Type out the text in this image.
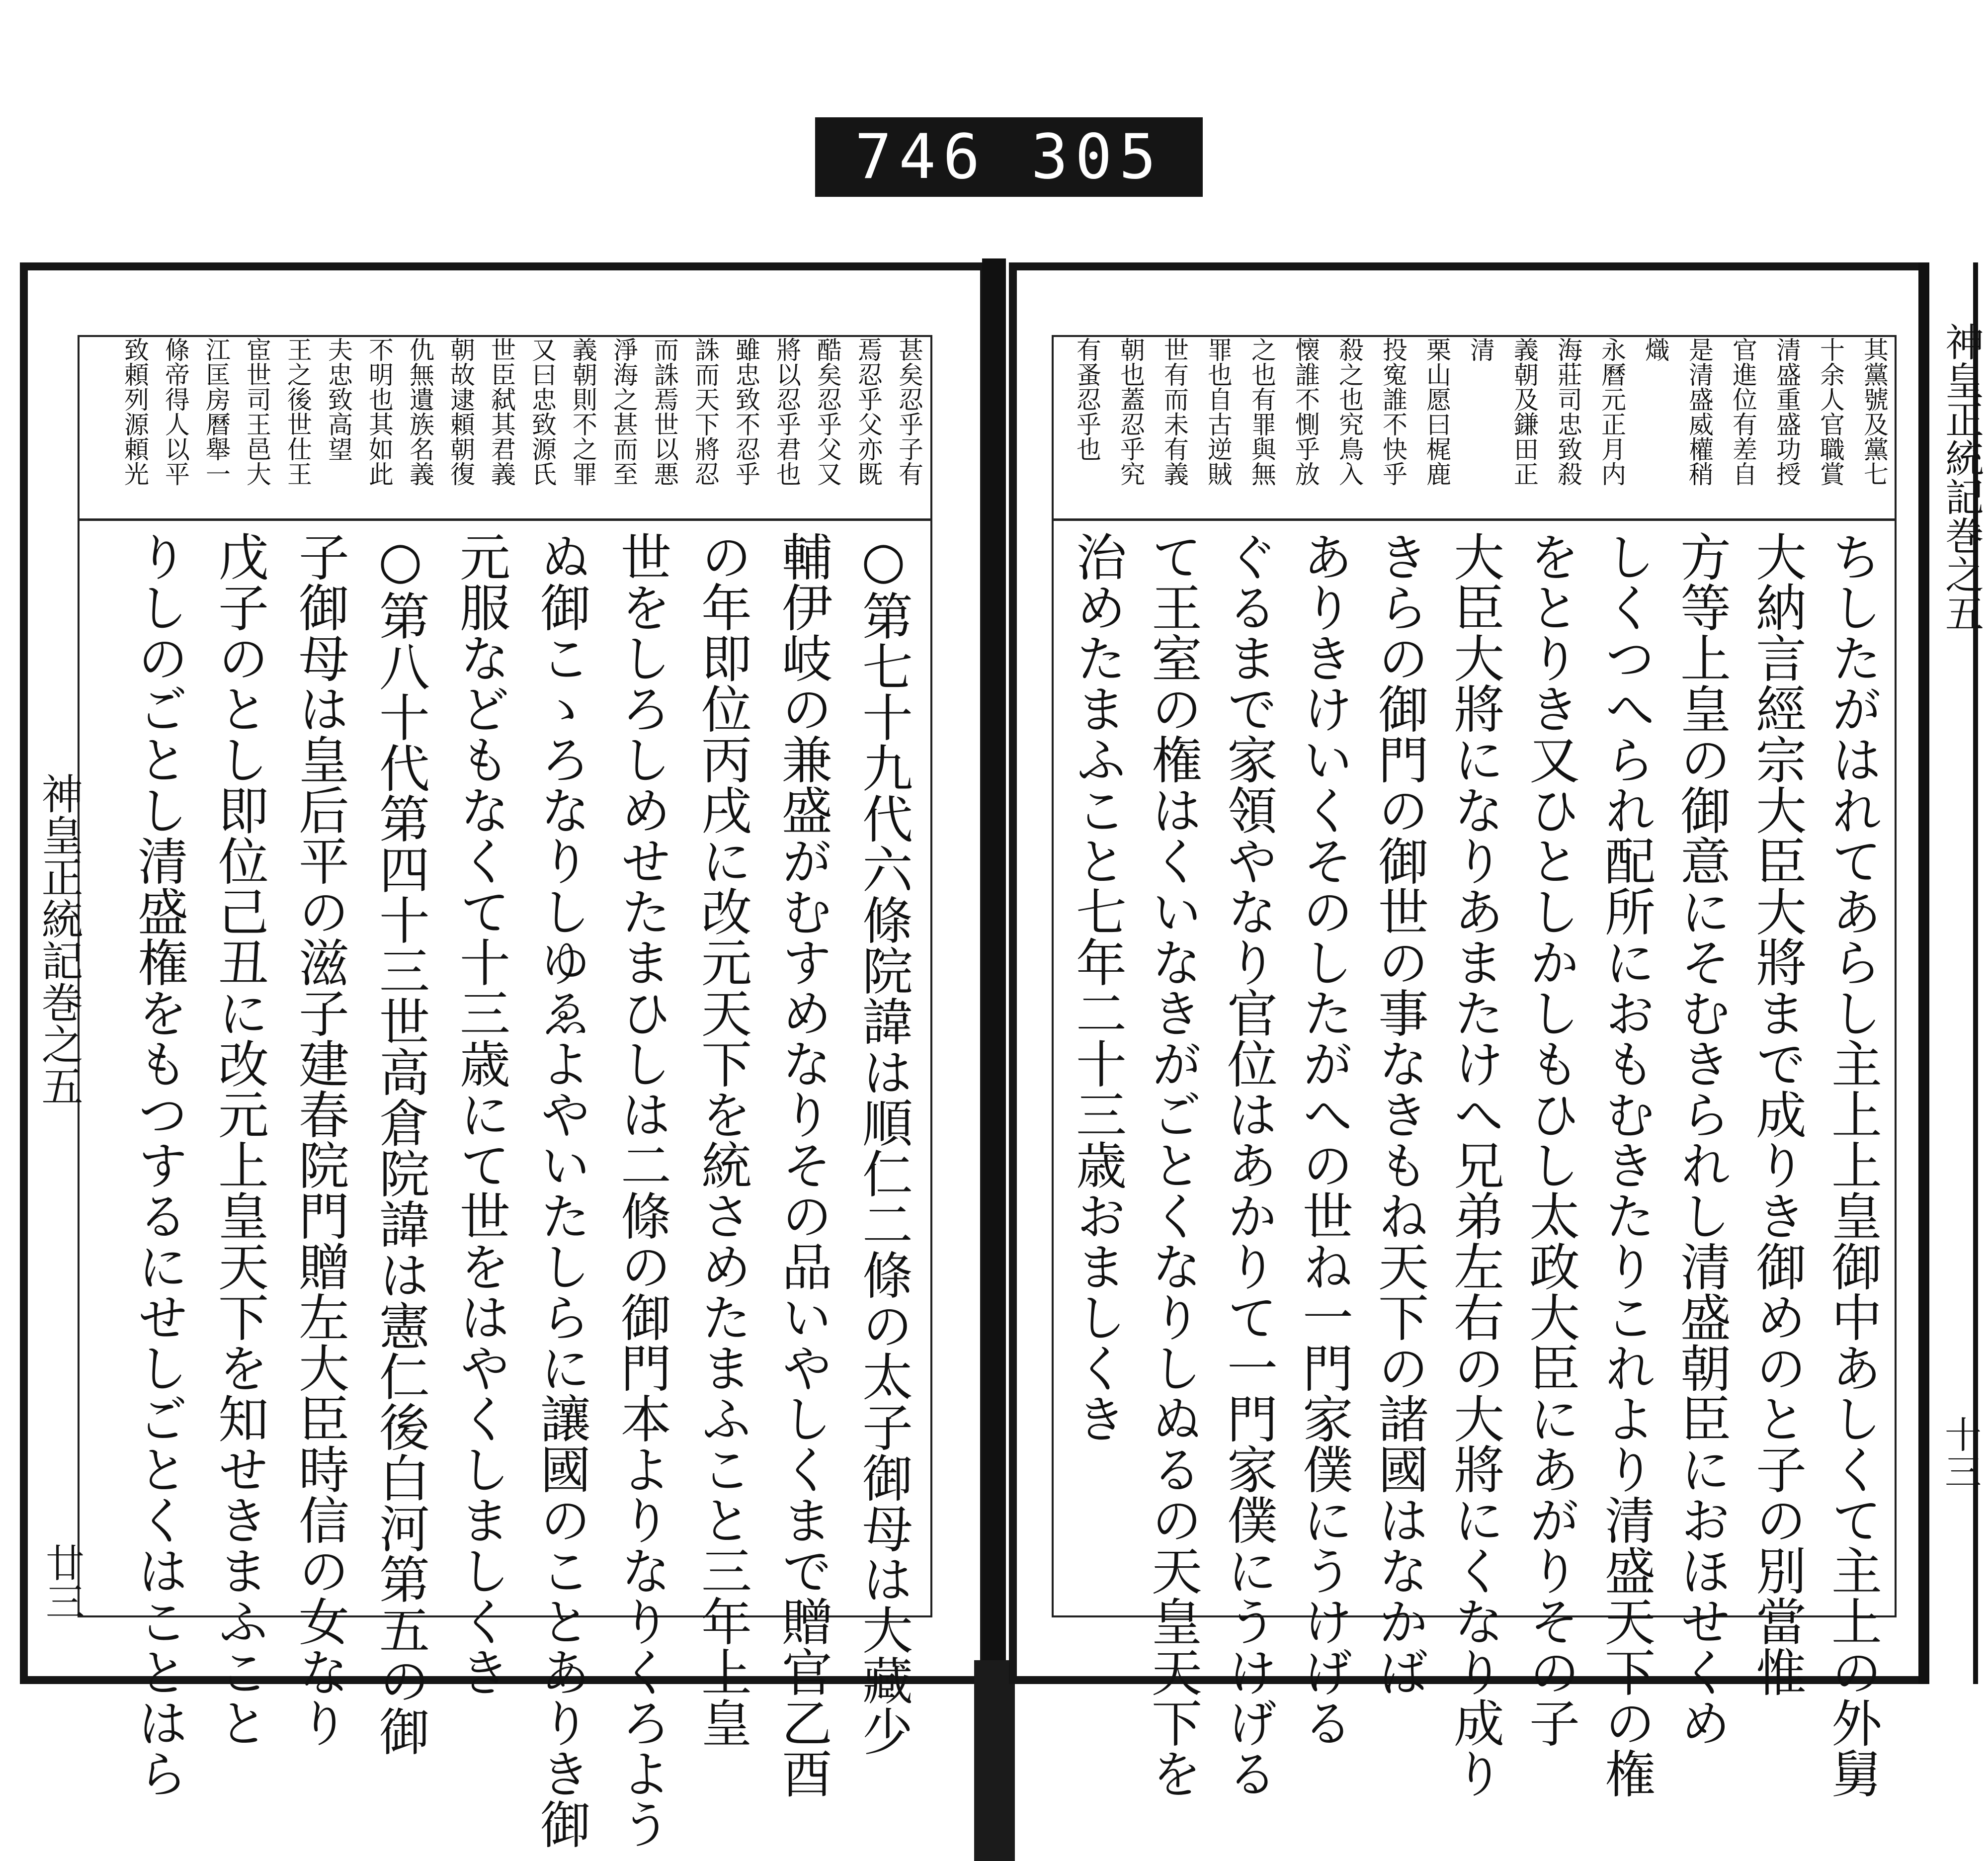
746 305
甚矣忍乎子有
焉忍乎父亦既
酷矣忍乎父又
將以忍乎君也
雖忠致不忍乎
誅而天下將忍
而誅焉世以悪
淨海之甚而至
義朝則不之罪
又曰忠致源氏
世臣弑其君義
朝故逮頼朝復
仇無遺族名義
不明也其如此
夫忠致高望
王之後世仕王
宦世司王邑大
江匡房曆舉一
條帝得人以平
致頼列源頼光
○第七十九代六條院諱は順仁二條の太子御母は大藏少
輔伊岐の兼盛がむすめなりその品いやしくまで贈官乙酉
の年即位丙戌に改元天下を統さめたまふこと三年上皇
世をしろしめせたまひしは二條の御門本よりなりくろよう
ぬ御こゝろなりしゆゑよやいたしらに讓國のことありき御
元服などもなくて十三歳にて世をはやくしましくき
○第八十代第四十三世高倉院諱は憲仁後白河第五の御
子御母は皇后平の滋子建春院門贈左大臣時信の女なり
戊子のとし即位己丑に改元上皇天下を知せきまふこと
りしのごとし清盛権をもつするにせしごとくはことはら
神皇正統記巻之五
廿三
其黨號及黨七
十余人官職賞
清盛重盛功授
官進位有差自
是清盛威權稍
熾
永曆元正月内
海莊司忠致殺
義朝及鎌田正
清
栗山愿曰梶鹿
投寃誰不快乎
殺之也究鳥入
懐誰不惻乎放
之也有罪與無
罪也自古逆賊
世有而未有義
朝也蓋忍乎究
有蚤忍乎也
ちしたがはれてあらし主上上皇御中あしくて主上の外舅
大納言經宗大臣大將まで成りき御めのと子の別當惟
方等上皇の御意にそむきられし清盛朝臣におほせくめ
しくつへられ配所におもむきたりこれより清盛天下の権
をとりき又ひとしかしもひし太政大臣にあがりその子
大臣大將になりあまたけへ兄弟左右の大將にくなり成り
きらの御門の御世の事なきもね天下の諸國はなかば
ありきけいくそのしたがへの世ね一門家僕にうけげる
ぐるまで家領やなり官位はあかりて一門家僕にうけげる
て王室の権はくいなきがごとくなりしぬるの天皇天下を
治めたまふこと七年二十三歳おましくき
神皇正統記巻之五
十三
